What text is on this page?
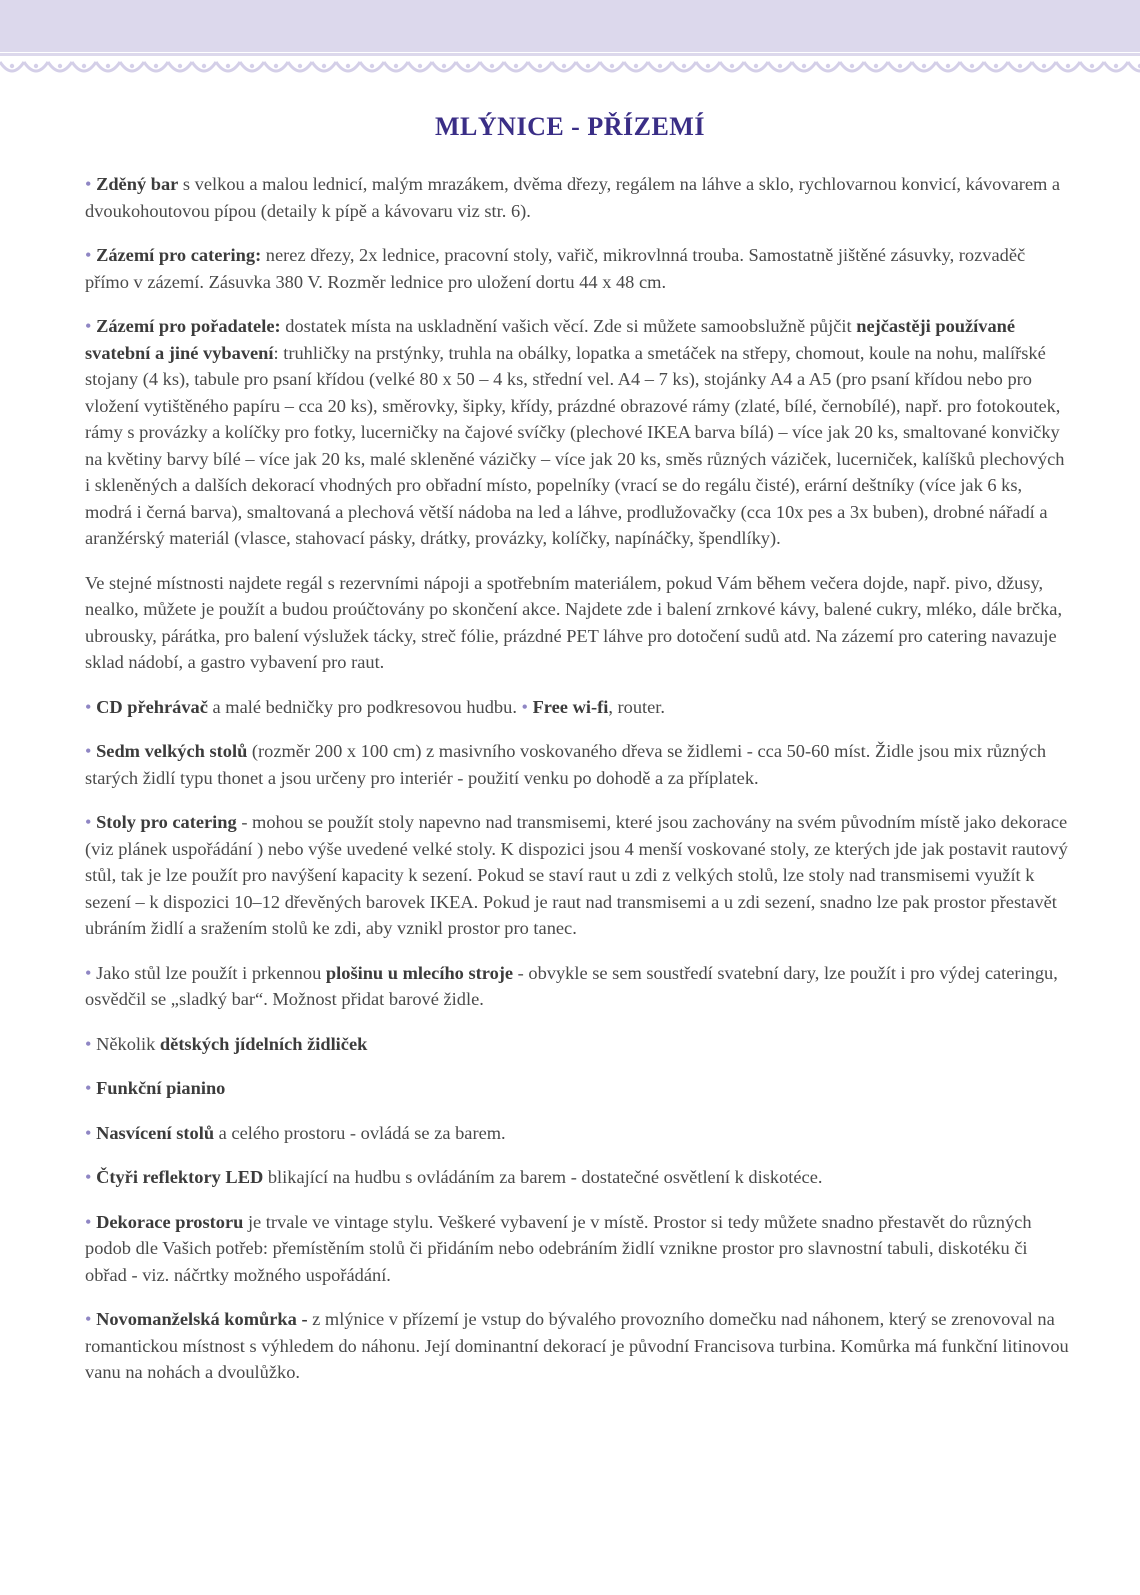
MLÝNICE - PŘÍZEMÍ

• Zděný bar s velkou a malou lednicí, malým mrazákem, dvěma dřezy, regálem na láhve a sklo, rychlovarnou konvicí, kávovarem a dvoukohoutovou pípou (detaily k pípě a kávovaru viz str. 6).

• Zázemí pro catering: nerez dřezy, 2x lednice, pracovní stoly, vařič, mikrovlnná trouba. Samostatně jištěné zásuvky, rozvaděč přímo v zázemí. Zásuvka 380 V. Rozměr lednice pro uložení dortu 44 x 48 cm.

• Zázemí pro pořadatele: dostatek místa na uskladnění vašich věcí. Zde si můžete samoobslužně půjčit nejčastěji používané svatební a jiné vybavení: truhličky na prstýnky, truhla na obálky, lopatka a smetáček na střepy, chomout, koule na nohu, malířské stojany (4 ks), tabule pro psaní křídou (velké 80 x 50 – 4 ks, střední vel. A4 – 7 ks), stojánky A4 a A5 (pro psaní křídou nebo pro vložení vytištěného papíru – cca 20 ks), směrovky, šipky, křídy, prázdné obrazové rámy (zlaté, bílé, černobílé), např. pro fotokoutek, rámy s provázky a kolíčky pro fotky, lucerničky na čajové svíčky (plechové IKEA barva bílá) – více jak 20 ks, smaltované konvičky na květiny barvy bílé – více jak 20 ks, malé skleněné vázičky – více jak 20 ks, směs různých váziček, lucerniček, kalíšků plechových i skleněných a dalších dekorací vhodných pro obřadní místo, popelníky (vrací se do regálu čisté), erární deštníky (více jak 6 ks, modrá i černá barva), smaltovaná a plechová větší nádoba na led a láhve, prodlužovačky (cca 10x pes a 3x buben), drobné nářadí a aranžérský materiál (vlasce, stahovací pásky, drátky, provázky, kolíčky, napínáčky, špendlíky).

Ve stejné místnosti najdete regál s rezervními nápoji a spotřebním materiálem, pokud Vám během večera dojde, např. pivo, džusy, nealko, můžete je použít a budou proúčtovány po skončení akce. Najdete zde i balení zrnkové kávy, balené cukry, mléko, dále brčka, ubrousky, párátka, pro balení výslužek tácky, streč fólie, prázdné PET láhve pro dotočení sudů atd. Na zázemí pro catering navazuje sklad nádobí, a gastro vybavení pro raut.

• CD přehrávač a malé bedničky pro podkresovou hudbu. • Free wi-fi, router.

• Sedm velkých stolů (rozměr 200 x 100 cm) z masivního voskovaného dřeva se židlemi - cca 50-60 míst. Židle jsou mix různých starých židlí typu thonet a jsou určeny pro interiér - použití venku po dohodě a za příplatek.

• Stoly pro catering - mohou se použít stoly napevno nad transmisemi, které jsou zachovány na svém původním místě jako dekorace (viz plánek uspořádání ) nebo výše uvedené velké stoly. K dispozici jsou 4 menší voskované stoly, ze kterých jde jak postavit rautový stůl, tak je lze použít pro navýšení kapacity k sezení. Pokud se staví raut u zdi z velkých stolů, lze stoly nad transmisemi využít k sezení – k dispozici 10–12 dřevěných barovek IKEA. Pokud je raut nad transmisemi a u zdi sezení, snadno lze pak prostor přestavět ubráním židlí a sražením stolů ke zdi, aby vznikl prostor pro tanec.

• Jako stůl lze použít i prkennou plošinu u mlecího stroje - obvykle se sem soustředí svatební dary, lze použít i pro výdej cateringu, osvědčil se „sladký bar“. Možnost přidat barové židle.

• Několik dětských jídelních židliček

• Funkční pianino

• Nasvícení stolů a celého prostoru - ovládá se za barem.

• Čtyři reflektory LED blikající na hudbu s ovládáním za barem - dostatečné osvětlení k diskotéce.

• Dekorace prostoru je trvale ve vintage stylu. Veškeré vybavení je v místě. Prostor si tedy můžete snadno přestavět do různých podob dle Vašich potřeb: přemístěním stolů či přidáním nebo odebráním židlí vznikne prostor pro slavnostní tabuli, diskotéku či obřad - viz. náčrtky možného uspořádání.

• Novomanželská komůrka - z mlýnice v přízemí je vstup do bývalého provozního domečku nad náhonem, který se zrenovoval na romantickou místnost s výhledem do náhonu. Její dominantní dekorací je původní Francisova turbina. Komůrka má funkční litinovou vanu na nohách a dvoulůžko.
